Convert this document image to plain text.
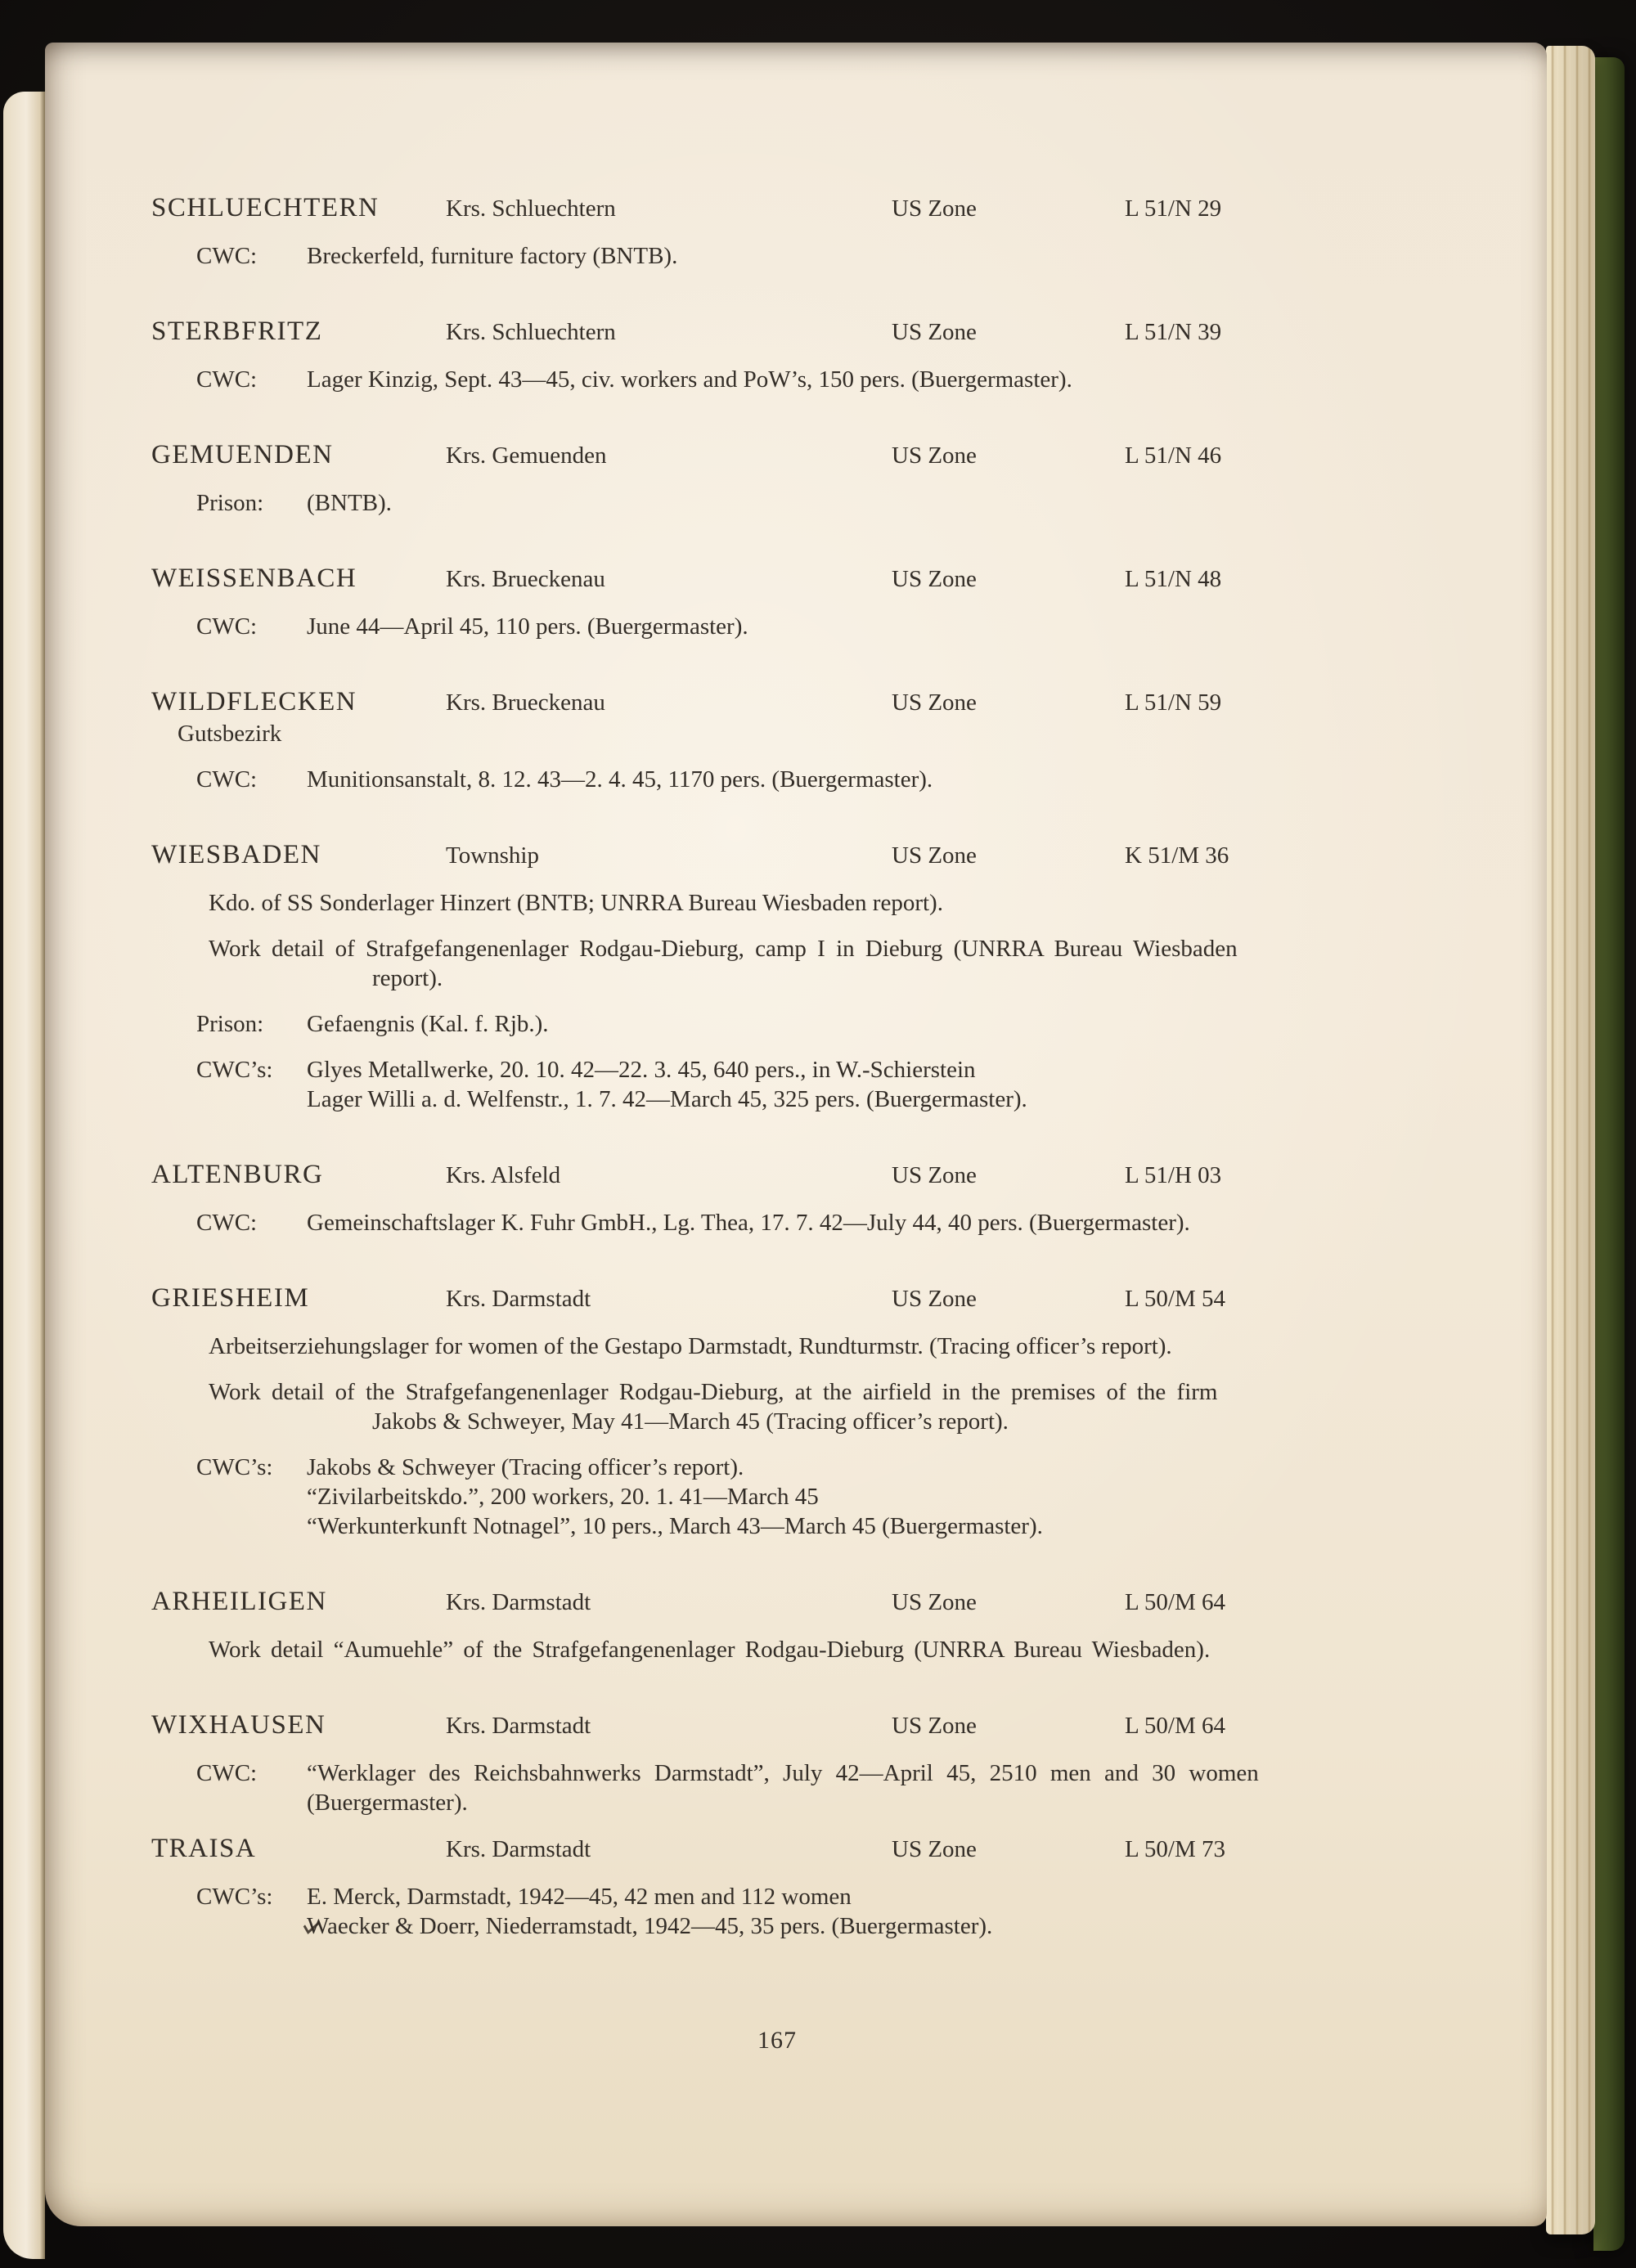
SCHLUECHTERN	Krs. Schluechtern	US Zone	L 51/N 29
CWC:	Breckerfeld, furniture factory (BNTB).
STERBFRITZ	Krs. Schluechtern	US Zone	L 51/N 39
CWC:	Lager Kinzig, Sept. 43—45, civ. workers and PoW’s, 150 pers. (Buergermaster).
GEMUENDEN	Krs. Gemuenden	US Zone	L 51/N 46
Prison:	(BNTB).
WEISSENBACH	Krs. Brueckenau	US Zone	L 51/N 48
CWC:	June 44—April 45, 110 pers. (Buergermaster).
WILDFLECKEN	Krs. Brueckenau	US Zone	L 51/N 59
Gutsbezirk
CWC:	Munitionsanstalt, 8. 12. 43—2. 4. 45, 1170 pers. (Buergermaster).
WIESBADEN	Township	US Zone	K 51/M 36
Kdo. of SS Sonderlager Hinzert (BNTB; UNRRA Bureau Wiesbaden report).
Work detail of Strafgefangenenlager Rodgau-Dieburg, camp I in Dieburg (UNRRA Bureau Wiesbaden
report).
Prison:	Gefaengnis (Kal. f. Rjb.).
CWC’s:	Glyes Metallwerke, 20. 10. 42—22. 3. 45, 640 pers., in W.-Schierstein
Lager Willi a. d. Welfenstr., 1. 7. 42—March 45, 325 pers. (Buergermaster).
ALTENBURG	Krs. Alsfeld	US Zone	L 51/H 03
CWC:	Gemeinschaftslager K. Fuhr GmbH., Lg. Thea, 17. 7. 42—July 44, 40 pers. (Buergermaster).
GRIESHEIM	Krs. Darmstadt	US Zone	L 50/M 54
Arbeitserziehungslager for women of the Gestapo Darmstadt, Rundturmstr. (Tracing officer’s report).
Work detail of the Strafgefangenenlager Rodgau-Dieburg, at the airfield in the premises of the firm
Jakobs & Schweyer, May 41—March 45 (Tracing officer’s report).
CWC’s:	Jakobs & Schweyer (Tracing officer’s report).
“Zivilarbeitskdo.”, 200 workers, 20. 1. 41—March 45
“Werkunterkunft Notnagel”, 10 pers., March 43—March 45 (Buergermaster).
ARHEILIGEN	Krs. Darmstadt	US Zone	L 50/M 64
Work detail “Aumuehle” of the Strafgefangenenlager Rodgau-Dieburg (UNRRA Bureau Wiesbaden).
WIXHAUSEN	Krs. Darmstadt	US Zone	L 50/M 64
CWC:	“Werklager des Reichsbahnwerks Darmstadt”, July 42—April 45, 2510 men and 30 women
(Buergermaster).
TRAISA	Krs. Darmstadt	US Zone	L 50/M 73
CWC’s:	E. Merck, Darmstadt, 1942—45, 42 men and 112 women
Waecker & Doerr, Niederramstadt, 1942—45, 35 pers. (Buergermaster).
167
